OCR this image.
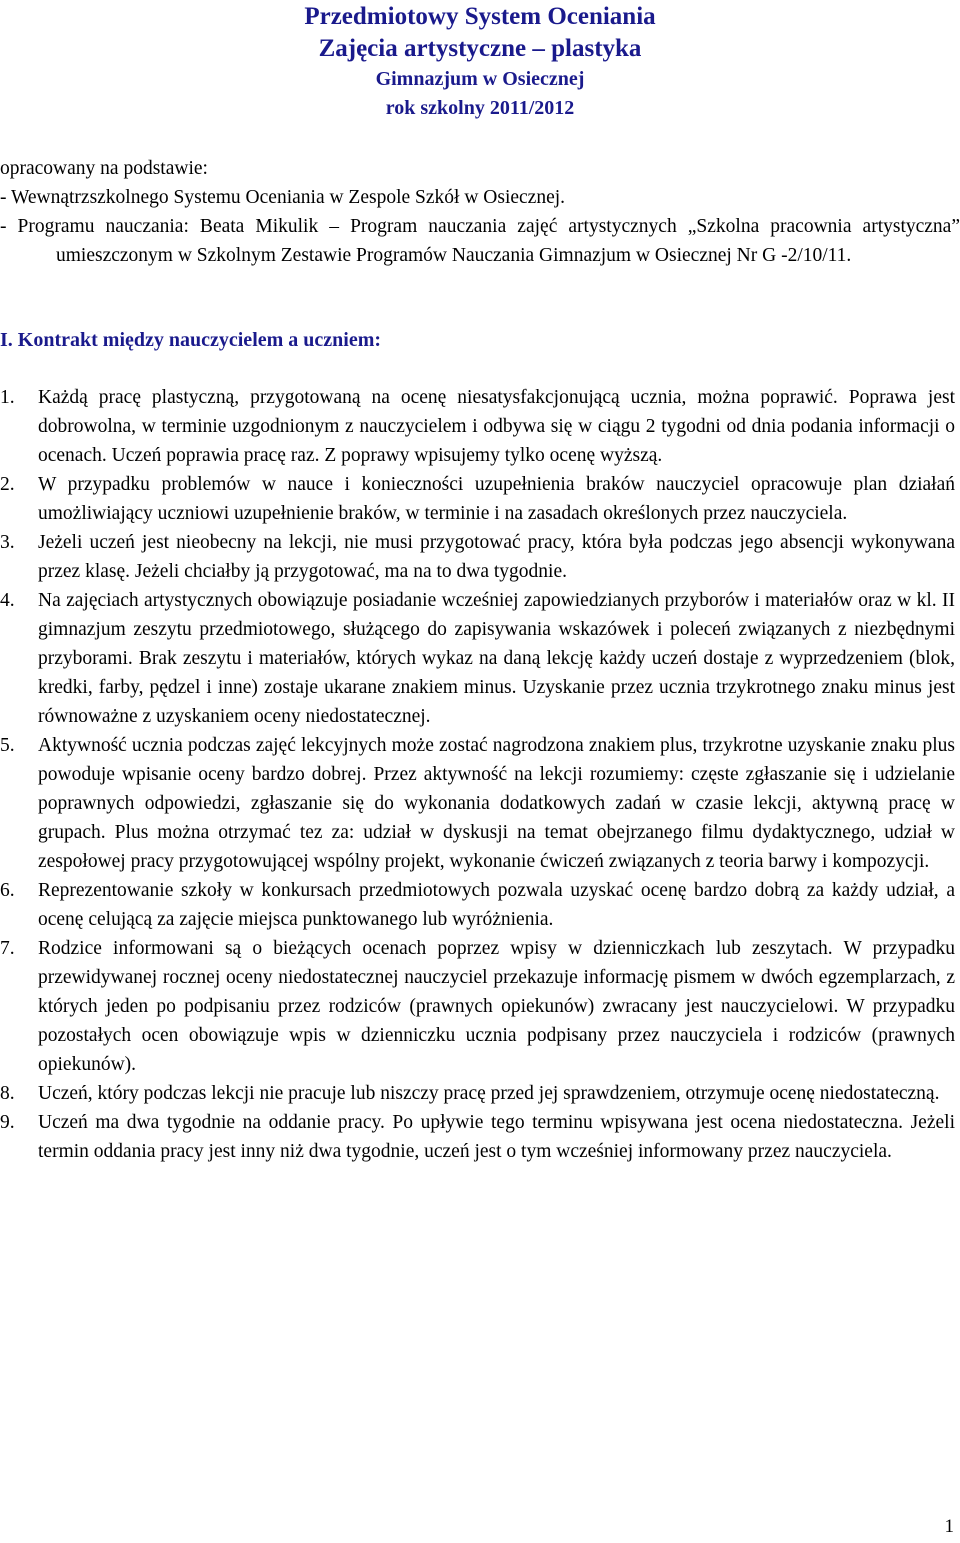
Przedmiotowy System Oceniania
Zajęcia artystyczne – plastyka
Gimnazjum w Osiecznej
rok szkolny 2011/2012
opracowany na podstawie:
- Wewnątrzszkolnego Systemu Oceniania w Zespole Szkół w Osiecznej.
- Programu nauczania: Beata Mikulik – Program nauczania zajęć artystycznych „Szkolna pracownia artystyczna” umieszczonym w Szkolnym Zestawie Programów Nauczania Gimnazjum w Osiecznej Nr G -2/10/11.
I. Kontrakt między nauczycielem a uczniem:
1.	Każdą pracę plastyczną, przygotowaną na ocenę niesatysfakcjonującą ucznia, można poprawić. Poprawa jest dobrowolna, w terminie uzgodnionym z nauczycielem i odbywa się w ciągu 2 tygodni od dnia podania informacji o ocenach. Uczeń poprawia pracę raz. Z poprawy wpisujemy tylko ocenę wyższą.
2.	W przypadku problemów w nauce i konieczności uzupełnienia braków nauczyciel opracowuje plan działań umożliwiający uczniowi uzupełnienie braków, w terminie i na zasadach określonych przez nauczyciela.
3.	Jeżeli uczeń jest nieobecny na lekcji, nie musi przygotować pracy, która była podczas jego absencji wykonywana przez klasę. Jeżeli chciałby ją przygotować, ma na to dwa tygodnie.
4.	Na zajęciach artystycznych obowiązuje posiadanie wcześniej zapowiedzianych przyborów i materiałów oraz w kl. II gimnazjum zeszytu przedmiotowego, służącego do zapisywania wskazówek i poleceń związanych z niezbędnymi przyborami. Brak zeszytu i materiałów, których wykaz na daną lekcję każdy uczeń dostaje z wyprzedzeniem (blok, kredki, farby, pędzel i inne) zostaje ukarane znakiem minus. Uzyskanie przez ucznia trzykrotnego znaku minus jest równoważne z uzyskaniem oceny niedostatecznej.
5.	Aktywność ucznia podczas zajęć lekcyjnych może zostać nagrodzona znakiem plus, trzykrotne uzyskanie znaku plus powoduje wpisanie oceny bardzo dobrej. Przez aktywność na lekcji rozumiemy: częste zgłaszanie się i udzielanie poprawnych odpowiedzi, zgłaszanie się do wykonania dodatkowych zadań w czasie lekcji, aktywną pracę w grupach. Plus można otrzymać tez za: udział w dyskusji na temat obejrzanego filmu dydaktycznego, udział w zespołowej pracy przygotowującej wspólny projekt, wykonanie ćwiczeń związanych z teoria barwy i kompozycji.
6.	Reprezentowanie szkoły w konkursach przedmiotowych pozwala uzyskać ocenę bardzo dobrą za każdy udział, a ocenę celującą za zajęcie miejsca punktowanego lub wyróżnienia.
7.	Rodzice informowani są o bieżących ocenach poprzez wpisy w dzienniczkach lub zeszytach. W przypadku przewidywanej rocznej oceny niedostatecznej nauczyciel przekazuje informację pismem w dwóch egzemplarzach, z których jeden po podpisaniu przez rodziców (prawnych opiekunów) zwracany jest nauczycielowi. W przypadku pozostałych ocen obowiązuje wpis w dzienniczku ucznia podpisany przez nauczyciela i rodziców (prawnych opiekunów).
8.	Uczeń, który podczas lekcji nie pracuje lub niszczy pracę przed jej sprawdzeniem, otrzymuje ocenę niedostateczną.
9.	Uczeń ma dwa tygodnie na oddanie pracy. Po upływie tego terminu wpisywana jest ocena niedostateczna. Jeżeli termin oddania pracy jest inny niż dwa tygodnie, uczeń jest o tym wcześniej informowany przez nauczyciela.
1
